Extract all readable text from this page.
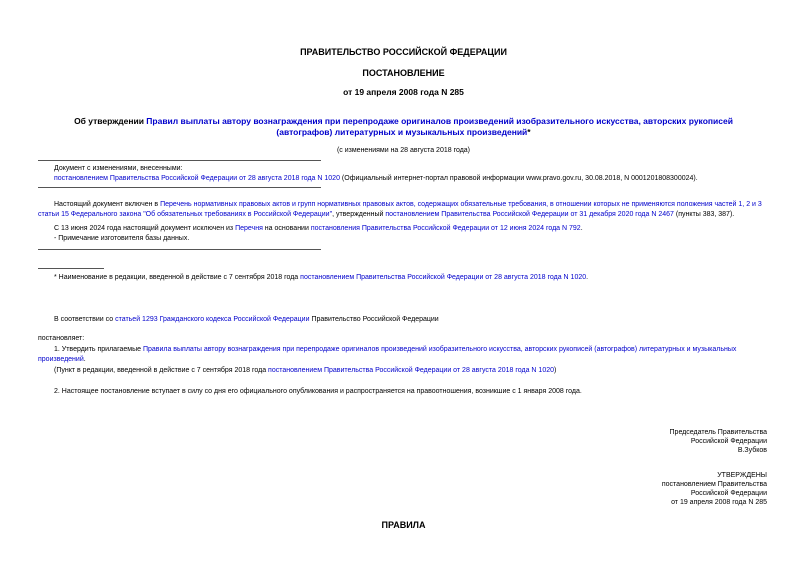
ПРАВИТЕЛЬСТВО РОССИЙСКОЙ ФЕДЕРАЦИИ
ПОСТАНОВЛЕНИЕ
от 19 апреля 2008 года N 285
Об утверждении Правил выплаты автору вознаграждения при перепродаже оригиналов произведений изобразительного искусства, авторских рукописей
(автографов) литературных и музыкальных произведений*
(с изменениями на 28 августа 2018 года)
Документ с изменениями, внесенными:
постановлением Правительства Российской Федерации от 28 августа 2018 года N 1020 (Официальный интернет-портал правовой информации www.pravo.gov.ru, 30.08.2018, N 0001201808300024).
Настоящий документ включен в Перечень нормативных правовых актов и групп нормативных правовых актов, содержащих обязательные требования, в отношении которых не применяются положения частей 1, 2 и 3 статьи 15 Федерального закона "Об обязательных требованиях в Российской Федерации", утвержденный постановлением Правительства Российской Федерации от 31 декабря 2020 года N 2467 (пункты 383, 387).
С 13 июня 2024 года настоящий документ исключен из Перечня на основании постановления Правительства Российской Федерации от 12 июня 2024 года N 792.
- Примечание изготовителя базы данных.
* Наименование в редакции, введенной в действие с 7 сентября 2018 года постановлением Правительства Российской Федерации от 28 августа 2018 года N 1020.
В соответствии со статьей 1293 Гражданского кодекса Российской Федерации Правительство Российской Федерации
постановляет:
1. Утвердить прилагаемые Правила выплаты автору вознаграждения при перепродаже оригиналов произведений изобразительного искусства, авторских рукописей (автографов) литературных и музыкальных произведений.
(Пункт в редакции, введенной в действие с 7 сентября 2018 года постановлением Правительства Российской Федерации от 28 августа 2018 года N 1020)
2. Настоящее постановление вступает в силу со дня его официального опубликования и распространяется на правоотношения, возникшие с 1 января 2008 года.
Председатель Правительства
Российской Федерации
В.Зубков
УТВЕРЖДЕНЫ
постановлением Правительства
Российской Федерации
от 19 апреля 2008 года N 285
ПРАВИЛА
